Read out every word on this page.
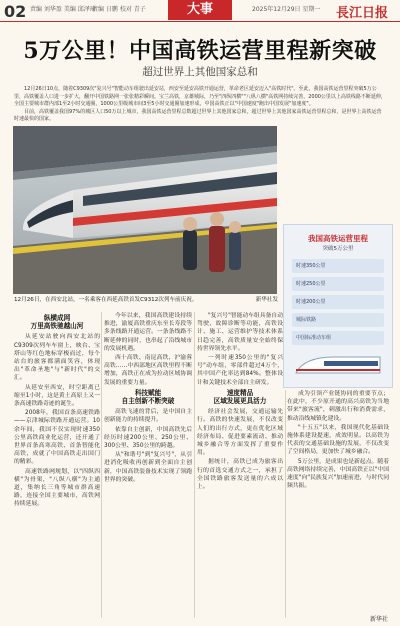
02 责编 刘华盈 美编 邱泽琦
责编 日鹏 校对 青子	大事	2025年12月29日 星期一 長江日报
5万公里！中国高铁运营里程新突破
超过世界上其他国家总和

12月26日10点，随着C9309次"复兴号"智能动车组驶出延安站，西安至延安高铁开通运营，革命老区延安迈入"高铁时代"。至此，我国高铁运营里程突破5万公里，高铁覆盖人口进一步扩大，翻开中国铁路网一张张精彩瞬间。宝兰高铁，京雄城际，乃至"四纵四横""八纵八横"高铁网持续完善，2000公里以上高铁线路不断延伸，全国主要城市群内部1至2小时交通圈，1000公里级城市间3至5小时交通圈加速形成，中国高铁正以"中国速度"跑出中国发展"加速度"。

目前，高铁覆盖我国97%的城区人口50万以上城市，我国高铁运营里程总数超过世界上其他国家总和，超过世界上其他国家高铁运营里程总和，是世界上高铁运营时速最快的国家。

12月26日，在西安北站，一名乘客在西延高铁首发C9312次列车前庆祝。	新华社发
我国高铁运营里程
突破5万公里
时速350公里
时速250公里
时速200公里
城际铁路
中国标准动车组
纵横成网
万里高铁驰越山河

从延安站驶向西安北站的C9309次列车车窗上，映台、宝塔山等红色地标穿梭而过，每个站台的旅客都满面笑容，体现出"革命圣地"与"新时代"的交汇。

从延安至西安，时空距离已缩至1小时，这是黄土高原上又一条高速铁路奇迹的诞生。

2008年，我国首条高速铁路——京津城际铁路开通运营。10余年间，我国不仅实现时速350公里高铁商业化运营，还开通了世界首条高寒高铁、首条智能化高铁，成就了中国高铁走出国门的精彩。

高速铁路网规划，以"四纵四横"为骨架，"八纵八横"为主通道，集纳长三角等城市群高速路，连接全国主要城市，高铁网持续延展。

今年以来，我国高铁建设持续推进，渝厦高铁重庆东至长寿段等多条线路开通运营。一条条线路不断延伸的同时，也串起了沿线城市的发展机遇。

西十高铁、南昆高铁、沪渝蓉高铁……中西部地区高铁里程不断增加，高铁正在成为拉动区域协调发展的重要力量。

科技赋能
自主创新不断突破

高铁飞速的背后，是中国自主创新能力的持续提升。

依靠自主创新，中国高铁先后经历时速200公里、250公里、300公里、350公里的跨越。

从"和谐号"到"复兴号"，从引进消化吸收再创新到全面自主创新，中国高铁装备技术实现了领跑世界的突破。

"复兴号"智能动车组具备自动驾驶、故障诊断等功能，高铁设计、施工、运营维护等技术体系日趋完善，高铁质量安全始终保持世界领先水平。

一列时速350公里的"复兴号"动车组，零部件超过4万个，其中国产化率达到84%。整体设计和关键技术全部自主研发。

速度精品
区域发展更具活力

经济社会发展，交通运输先行。高铁的快速发展，不仅改变人们的出行方式，更在优化区域经济布局、促进要素流动、推动城乡融合等方面发挥了重要作用。

据统计，高铁已成为旅客出行的首选交通方式之一，承担了全国铁路旅客发送量的六成以上。

成为引领产业链协同的重要节点；在此中，不少原开通的高兴高铁为当地带来"旅客流"，刺激出行和消费需求，推动沿线城镇化建设。

"十五五"以来，我国现代化基础设施体系建设提速，成效明显。以高铁为代表的交通基础设施的发展，不仅改变了空间格局，更加快了城乡融合。

5万公里，是成果也是新起点。随着高铁网络持续完善，中国高铁正以"中国速度"向"民族复兴"加速前进，与时代同频共振。

新华社
